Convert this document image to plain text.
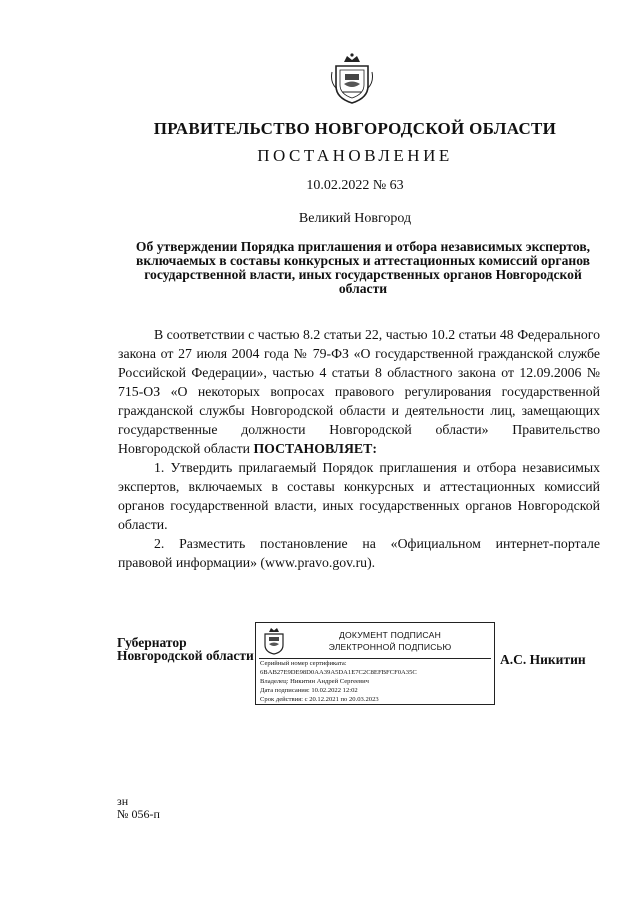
ПРАВИТЕЛЬСТВО НОВГОРОДСКОЙ ОБЛАСТИ
ПОСТАНОВЛЕНИЕ
10.02.2022 № 63
Великий Новгород
Об утверждении Порядка приглашения и отбора независимых экспертов, включаемых в составы конкурсных и аттестационных комиссий органов государственной власти, иных государственных органов Новгородской области

В соответствии с частью 8.2 статьи 22, частью 10.2 статьи 48 Федерального закона от 27 июля 2004 года № 79-ФЗ «О государственной гражданской службе Российской Федерации», частью 4 статьи 8 областного закона от 12.09.2006 № 715-ОЗ «О некоторых вопросах правового регулирования государственной гражданской службы Новгородской области и деятельности лиц, замещающих государственные должности Новгородской области» Правительство Новгородской области ПОСТАНОВЛЯЕТ:

1. Утвердить прилагаемый Порядок приглашения и отбора независимых экспертов, включаемых в составы конкурсных и аттестационных комиссий органов государственной власти, иных государственных органов Новгородской области.

2. Разместить постановление на «Официальном интернет-портале правовой информации» (www.pravo.gov.ru).

Губернатор
Новгородской области
ДОКУМЕНТ ПОДПИСАН
ЭЛЕКТРОННОЙ ПОДПИСЬЮ
Серийный номер сертификата:
6BAB27E9DE98D0AA39A5DA1E7C2C8EFBFCF0A35C
Владелец: Никитин Андрей Сергеевич
Дата подписания: 10.02.2022 12:02
Срок действия: с 20.12.2021 по 20.03.2023
А.С. Никитин
зн
№ 056-п
